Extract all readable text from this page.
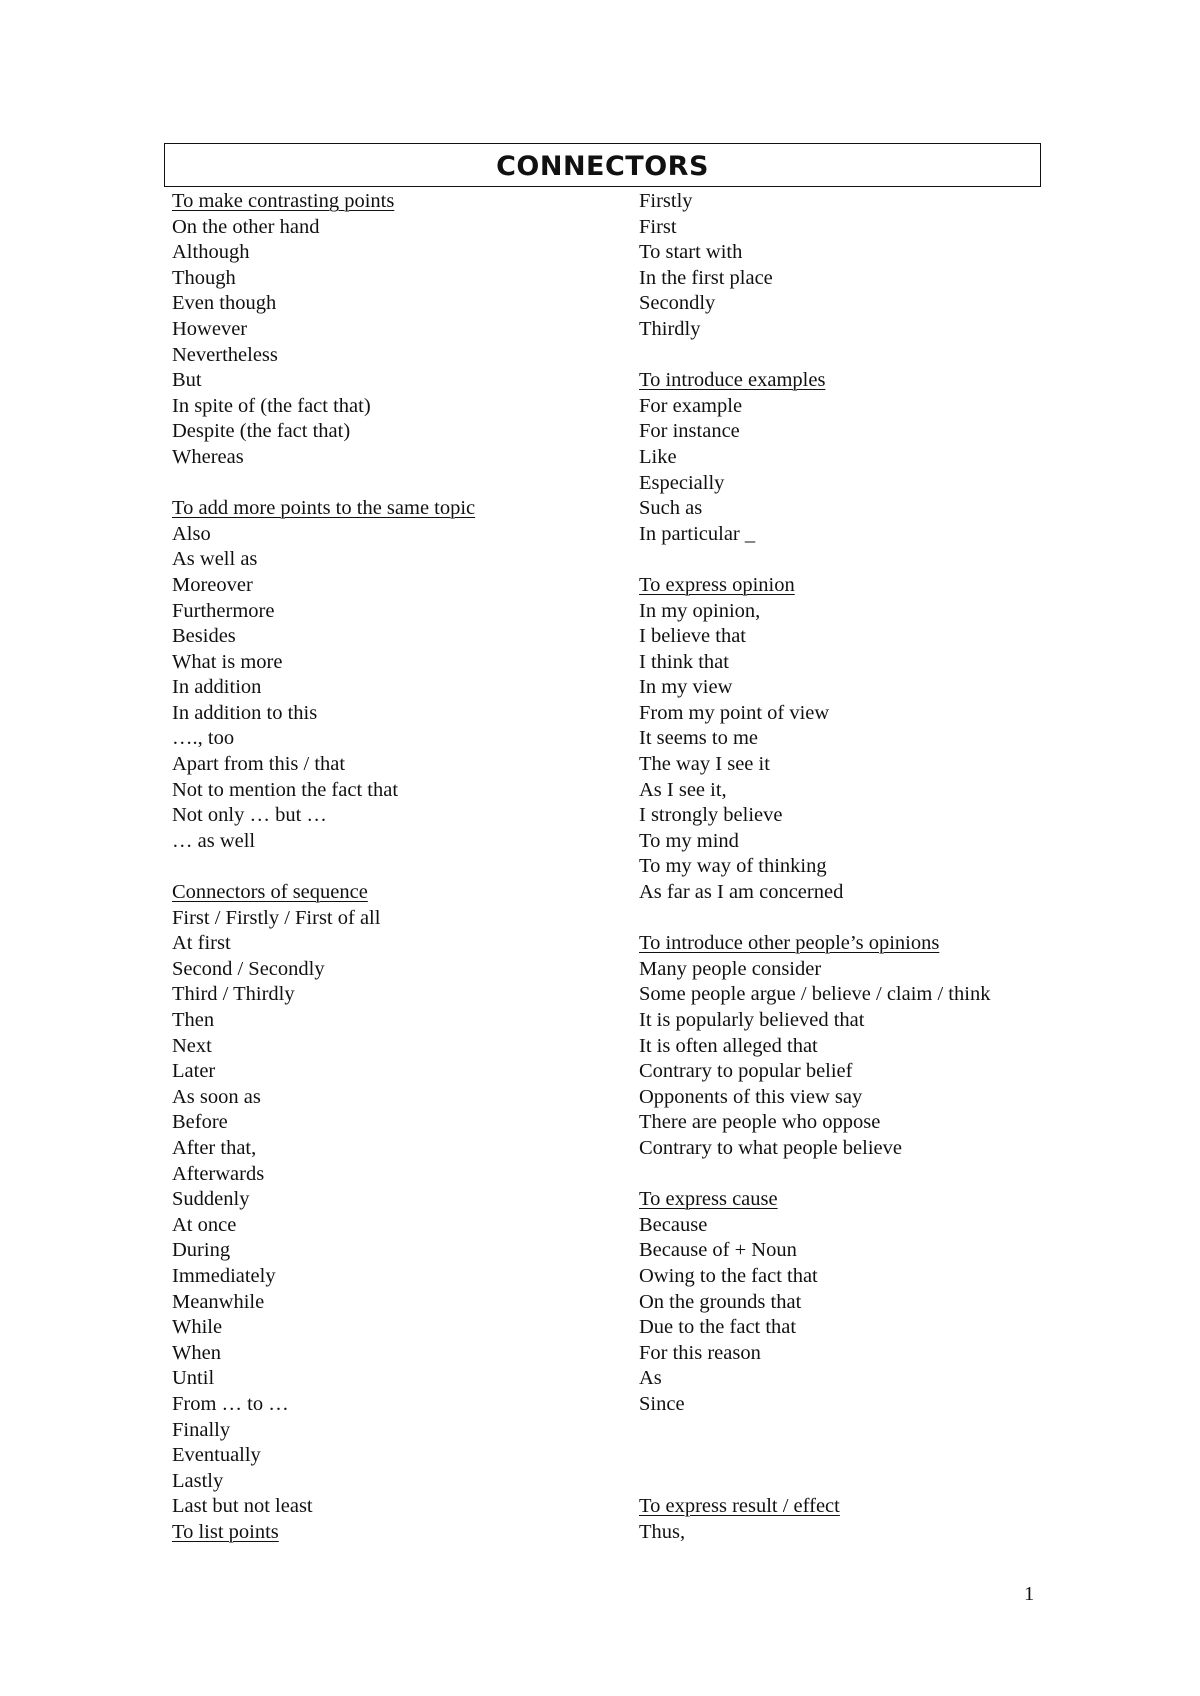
CONNECTORS
To make contrasting points
On the other hand
Although
Though
Even though
However
Nevertheless
But
In spite of (the fact that)
Despite (the fact that)
Whereas
To add more points to the same topic
Also
As well as
Moreover
Furthermore
Besides
What is more
In addition
In addition to this
…., too
Apart from this / that
Not to mention the fact that
Not only … but …
… as well
Connectors of sequence
First / Firstly / First of all
At first
Second / Secondly
Third / Thirdly
Then
Next
Later
As soon as
Before
After that,
Afterwards
Suddenly
At once
During
Immediately
Meanwhile
While
When
Until
From … to …
Finally
Eventually
Lastly
Last but not least
To list points
Firstly
First
To start with
In the first place
Secondly
Thirdly
To introduce examples
For example
For instance
Like
Especially
Such as
In particular _
To express opinion
In my opinion,
I believe that
I think that
In my view
From my point of view
It seems to me
The way I see it
As I see it,
I strongly believe
To my mind
To my way of thinking
As far as I am concerned
To introduce other people’s opinions
Many people consider
Some people argue / believe / claim / think
It is popularly believed that
It is often alleged that
Contrary to popular belief
Opponents of this view say
There are people who oppose
Contrary to what people believe
To express cause
Because
Because of + Noun
Owing to the fact that
On the grounds that
Due to the fact that
For this reason
As
Since
To express result / effect
Thus,
1
